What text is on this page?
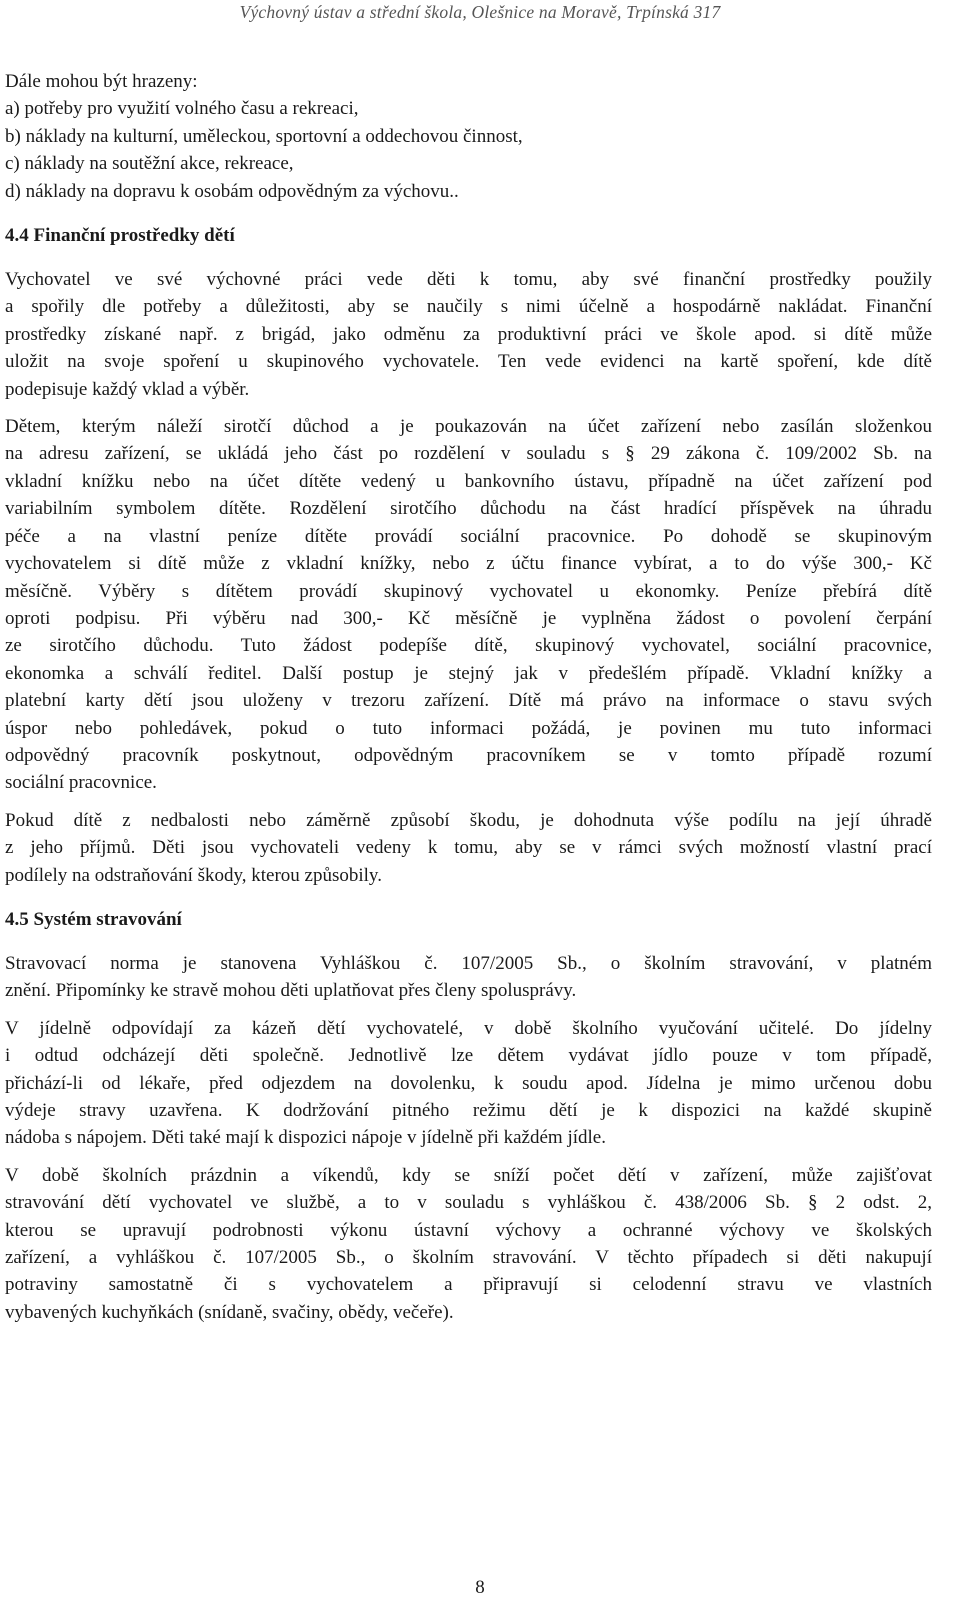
Výchovný ústav a střední škola, Olešnice na Moravě, Trpínská 317
Dále mohou být hrazeny:
a) potřeby pro využití volného času a rekreaci,
b) náklady na kulturní, uměleckou, sportovní a oddechovou činnost,
c) náklady na soutěžní akce, rekreace,
d) náklady na dopravu k osobám odpovědným za výchovu..
4.4 Finanční prostředky dětí
Vychovatel ve své výchovné práci vede děti k tomu, aby své finanční prostředky použily
a spořily dle potřeby a důležitosti, aby se naučily s nimi účelně a hospodárně nakládat. Finanční
prostředky získané např. z brigád, jako odměnu za produktivní práci ve škole apod. si dítě může
uložit na svoje spoření u skupinového vychovatele. Ten vede evidenci na kartě spoření, kde dítě
podepisuje každý vklad a výběr.
Dětem, kterým náleží sirotčí důchod a je poukazován na účet zařízení nebo zasílán složenkou
na adresu zařízení, se ukládá jeho část po rozdělení v souladu s § 29 zákona č. 109/2002 Sb. na
vkladní knížku nebo na účet dítěte vedený u bankovního ústavu, případně na účet zařízení pod
variabilním symbolem dítěte. Rozdělení sirotčího důchodu na část hradící příspěvek na úhradu
péče a na vlastní peníze dítěte provádí sociální pracovnice. Po dohodě se skupinovým
vychovatelem si dítě může z vkladní knížky, nebo z účtu finance vybírat, a to do výše 300,- Kč
měsíčně. Výběry s dítětem provádí skupinový vychovatel u ekonomky. Peníze přebírá dítě
oproti podpisu. Při výběru nad 300,- Kč měsíčně je vyplněna žádost o povolení čerpání
ze sirotčího důchodu. Tuto žádost podepíše dítě, skupinový vychovatel, sociální pracovnice,
ekonomka a schválí ředitel. Další postup je stejný jak v předešlém případě. Vkladní knížky a
platební karty dětí jsou uloženy v trezoru zařízení. Dítě má právo na informace o stavu svých
úspor nebo pohledávek, pokud o tuto informaci požádá, je povinen mu tuto informaci
odpovědný pracovník poskytnout, odpovědným pracovníkem se v tomto případě rozumí
sociální pracovnice.
Pokud dítě z nedbalosti nebo záměrně způsobí škodu, je dohodnuta výše podílu na její úhradě
z jeho příjmů. Děti jsou vychovateli vedeny k tomu, aby se v rámci svých možností vlastní prací
podílely na odstraňování škody, kterou způsobily.
4.5 Systém stravování
Stravovací norma je stanovena Vyhláškou č. 107/2005 Sb., o školním stravování, v platném
znění. Připomínky ke stravě mohou děti uplatňovat přes členy spolusprávy.
V jídelně odpovídají za kázeň dětí vychovatelé, v době školního vyučování učitelé. Do jídelny
i odtud odcházejí děti společně. Jednotlivě lze dětem vydávat jídlo pouze v tom případě,
přichází-li od lékaře, před odjezdem na dovolenku, k soudu apod. Jídelna je mimo určenou dobu
výdeje stravy uzavřena. K dodržování pitného režimu dětí je k dispozici na každé skupině
nádoba s nápojem. Děti také mají k dispozici nápoje v jídelně při každém jídle.
V době školních prázdnin a víkendů, kdy se sníží počet dětí v zařízení, může zajišťovat
stravování dětí vychovatel ve službě, a to v souladu s vyhláškou č. 438/2006 Sb. § 2 odst. 2,
kterou se upravují podrobnosti výkonu ústavní výchovy a ochranné výchovy ve školských
zařízení, a vyhláškou č. 107/2005 Sb., o školním stravování. V těchto případech si děti nakupují
potraviny samostatně či s vychovatelem a připravují si celodenní stravu ve vlastních
vybavených kuchyňkách (snídaně, svačiny, obědy, večeře).
8
